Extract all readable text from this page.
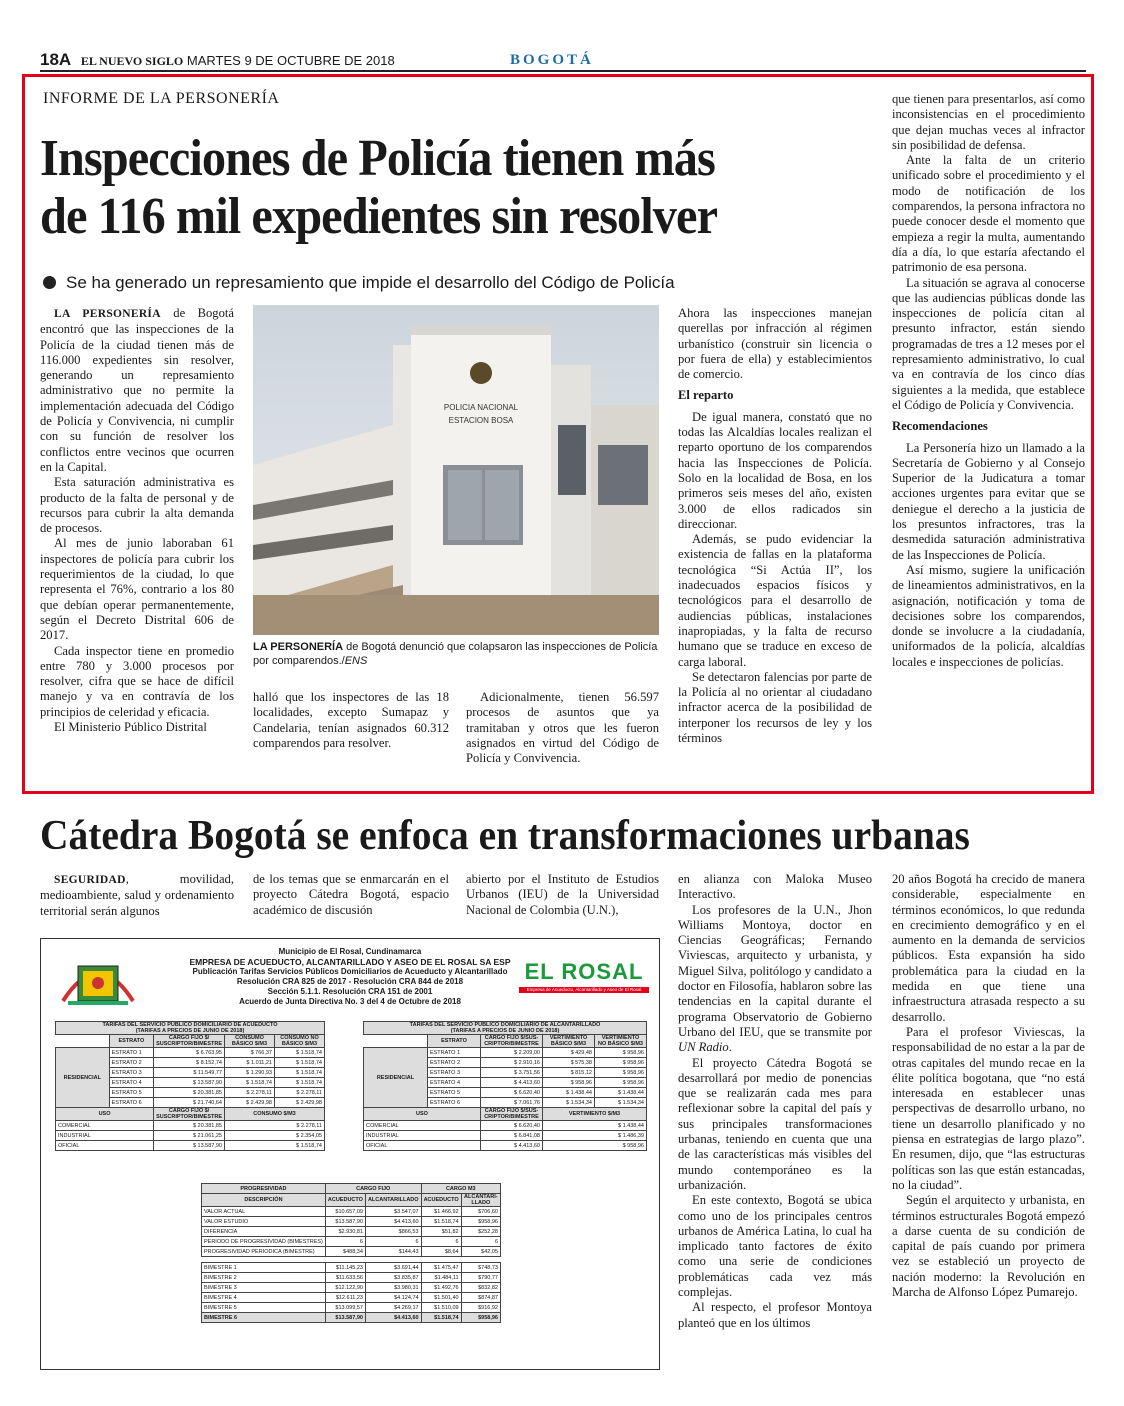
18A EL NUEVO SIGLO MARTES 9 DE OCTUBRE DE 2018	BOGOTÁ
INFORME DE LA PERSONERÍA
Inspecciones de Policía tienen más
de 116 mil expedientes sin resolver
Se ha generado un represamiento que impide el desarrollo del Código de Policía

LA PERSONERÍA de Bogotá encontró que las inspecciones de la Policía de la ciudad tienen más de 116.000 expedientes sin resolver, generando un represamiento administrativo que no permite la implementación adecuada del Código de Policía y Convivencia, ni cumplir con su función de resolver los conflictos entre vecinos que ocurren en la Capital.

Esta saturación administrativa es producto de la falta de personal y de recursos para cubrir la alta demanda de procesos.

Al mes de junio laboraban 61 inspectores de policía para cubrir los requerimientos de la ciudad, lo que representa el 76%, contrario a los 80 que debían operar permanentemente, según el Decreto Distrital 606 de 2017.

Cada inspector tiene en promedio entre 780 y 3.000 procesos por resolver, cifra que se hace de difícil manejo y va en contravía de los principios de celeridad y eficacia.

El Ministerio Público Distrital

POLICIA NACIONAL
ESTACION BOSA
LA PERSONERÍA de Bogotá denunció que colapsaron las inspecciones de Policía por comparendos./ENS

halló que los inspectores de las 18 localidades, excepto Sumapaz y Candelaria, tenían asignados 60.312 comparendos para resolver.

Adicionalmente, tienen 56.597 procesos de asuntos que ya tramitaban y otros que les fueron asignados en virtud del Código de Policía y Convivencia.

Ahora las inspecciones manejan querellas por infracción al régimen urbanístico (construir sin licencia o por fuera de ella) y establecimientos de comercio.

El reparto

De igual manera, constató que no todas las Alcaldías locales realizan el reparto oportuno de los comparendos hacia las Inspecciones de Policía. Solo en la localidad de Bosa, en los primeros seis meses del año, existen 3.000 de ellos radicados sin direccionar.

Además, se pudo evidenciar la existencia de fallas en la plataforma tecnológica “Si Actúa II”, los inadecuados espacios físicos y tecnológicos para el desarrollo de audiencias públicas, instalaciones inapropiadas, y la falta de recurso humano que se traduce en exceso de carga laboral.

Se detectaron falencias por parte de la Policía al no orientar al ciudadano infractor acerca de la posibilidad de interponer los recursos de ley y los términos

que tienen para presentarlos, así como inconsistencias en el procedimiento que dejan muchas veces al infractor sin posibilidad de defensa.

Ante la falta de un criterio unificado sobre el procedimiento y el modo de notificación de los comparendos, la persona infractora no puede conocer desde el momento que empieza a regir la multa, aumentando día a día, lo que estaría afectando el patrimonio de esa persona.

La situación se agrava al conocerse que las audiencias públicas donde las inspecciones de policía citan al presunto infractor, están siendo programadas de tres a 12 meses por el represamiento administrativo, lo cual va en contravía de los cinco días siguientes a la medida, que establece el Código de Policía y Convivencia.

Recomendaciones

La Personería hizo un llamado a la Secretaría de Gobierno y al Consejo Superior de la Judicatura a tomar acciones urgentes para evitar que se deniegue el derecho a la justicia de los presuntos infractores, tras la desmedida saturación administrativa de las Inspecciones de Policía.

Así mismo, sugiere la unificación de lineamientos administrativos, en la asignación, notificación y toma de decisiones sobre los comparendos, donde se involucre a la ciudadanía, uniformados de la policía, alcaldías locales e inspecciones de policías.

Cátedra Bogotá se enfoca en transformaciones urbanas

SEGURIDAD, movilidad, medioambiente, salud y ordenamiento territorial serán algunos

de los temas que se enmarcarán en el proyecto Cátedra Bogotá, espacio académico de discusión

abierto por el Instituto de Estudios Urbanos (IEU) de la Universidad Nacional de Colombia (U.N.),

en alianza con Maloka Museo Interactivo.

Los profesores de la U.N., Jhon Williams Montoya, doctor en Ciencias Geográficas; Fernando Viviescas, arquitecto y urbanista, y Miguel Silva, politólogo y candidato a doctor en Filosofía, hablaron sobre las tendencias en la capital durante el programa Observatorio de Gobierno Urbano del IEU, que se transmite por UN Radio.

El proyecto Cátedra Bogotá se desarrollará por medio de ponencias que se realizarán cada mes para reflexionar sobre la capital del país y sus principales transformaciones urbanas, teniendo en cuenta que una de las características más visibles del mundo contemporáneo es la urbanización.

En este contexto, Bogotá se ubica como uno de los principales centros urbanos de América Latina, lo cual ha implicado tanto factores de éxito como una serie de condiciones problemáticas cada vez más complejas.

Al respecto, el profesor Montoya planteó que en los últimos

20 años Bogotá ha crecido de manera considerable, especialmente en términos económicos, lo que redunda en crecimiento demográfico y en el aumento en la demanda de servicios públicos. Esta expansión ha sido problemática para la ciudad en la medida en que tiene una infraestructura atrasada respecto a su desarrollo.

Para el profesor Viviescas, la responsabilidad de no estar a la par de otras capitales del mundo recae en la élite política bogotana, que “no está interesada en establecer unas perspectivas de desarrollo urbano, no tiene un desarrollo planificado y no piensa en estrategias de largo plazo”. En resumen, dijo, que “las estructuras políticas son las que están estancadas, no la ciudad”.

Según el arquitecto y urbanista, en términos estructurales Bogotá empezó a darse cuenta de su condición de capital de país cuando por primera vez se estableció un proyecto de nación moderno: la Revolución en Marcha de Alfonso López Pumarejo.

Municipio de El Rosal, Cundinamarca
EMPRESA DE ACUEDUCTO, ALCANTARILLADO Y ASEO DE EL ROSAL SA ESP
Publicación Tarifas Servicios Públicos Domiciliarios de Acueducto y Alcantarillado
Resolución CRA 825 de 2017 - Resolución CRA 844 de 2018
Sección 5.1.1. Resolución CRA 151 de 2001
Acuerdo de Junta Directiva No. 3 del 4 de Octubre de 2018
EL ROSAL
Empresa de Acueducto, Alcantarillado y Aseo de El Rosal
TARIFAS DEL SERVICIO PÚBLICO DOMICILIARIO DE ACUEDUCTO
(TARIFAS A PRECIOS DE JUNIO DE 2018)				
	ESTRATO	CARGO FIJO $/ SUSCRIPTOR/BIMESTRE	CONSUMO BÁSICO $/M3	CONSUMO NO BÁSICO $/M3
RESIDENCIAL	ESTRATO 1	$ 6.763,95	$ 766,37	$ 1.518,74
	ESTRATO 2	$ 8.152,74	$ 1.011,21	$ 1.518,74
	ESTRATO 3	$ 11.549,77	$ 1.290,93	$ 1.518,74
	ESTRATO 4	$ 13.587,90	$ 1.518,74	$ 1.518,74
	ESTRATO 5	$ 20.381,85	$ 2.278,11	$ 2.278,11
	ESTRATO 6	$ 21.740,64	$ 2.429,98	$ 2.429,98
USO		CARGO FIJO $/ SUSCRIPTOR/BIMESTRE	CONSUMO $/M3	
COMERCIAL		$ 20.381,85	$ 2.278,11	
INDUSTRIAL		$ 21.061,25	$ 2.354,05	
OFICIAL		$ 13.587,90	$ 1.518,74	
TARIFAS DEL SERVICIO PÚBLICO DOMICILIARIO DE ALCANTARILLADO
(TARIFAS A PRECIOS DE JUNIO DE 2018)				
	ESTRATO	CARGO FIJO $/SUS-CRIPTOR/BIMESTRE	VERTIMIENTO BÁSICO $/M3	VERTIMIENTO NO BÁSICO $/M3
RESIDENCIAL	ESTRATO 1	$ 2.209,00	$ 429,48	$ 958,96
	ESTRATO 2	$ 2.910,16	$ 575,38	$ 958,96
	ESTRATO 3	$ 3.751,56	$ 815,12	$ 958,96
	ESTRATO 4	$ 4.413,60	$ 958,96	$ 958,96
	ESTRATO 5	$ 6.620,40	$ 1.438,44	$ 1.438,44
	ESTRATO 6	$ 7.061,76	$ 1.534,34	$ 1.534,34
USO		CARGO FIJO $/SUS-CRIPTOR/BIMESTRE	VERTIMIENTO $/M3	
COMERCIAL		$ 6.620,40	$ 1.438,44	
INDUSTRIAL		$ 6.841,08	$ 1.486,39	
OFICIAL		$ 4.413,60	$ 958,96	
PROGRESIVIDAD	CARGO FIJO		CARGO M3	
DESCRIPCIÓN	ACUEDUCTO	ALCANTARILLADO	ACUEDUCTO	ALCANTARI-LLADO
VALOR ACTUAL	$10.657,09	$3.547,07	$1.466,92	$706,60
VALOR ESTUDIO	$13.587,90	$4.413,60	$1.518,74	$958,96
DIFERENCIA	$2.930,81	$866,53	$51,82	$252,28
PERIODO DE PROGRESIVIDAD (BIMESTRES)	6	6	6	6
PROGRESIVIDAD PERIODICA (BIMESTRE)	$488,34	$144,43	$8,64	$42,05

BIMESTRE 1	$11.145,23	$3.691,44	$1.475,47	$748,73
BIMESTRE 2	$11.633,56	$3.835,87	$1.484,11	$790,77
BIMESTRE 3	$12.122,90	$3.980,31	$1.492,76	$832,82
BIMESTRE 4	$12.611,23	$4.124,74	$1.501,40	$874,87
BIMESTRE 5	$13.099,57	$4.269,17	$1.510,09	$916,92
BIMESTRE 6	$13.587,90	$4.413,60	$1.518,74	$958,96
